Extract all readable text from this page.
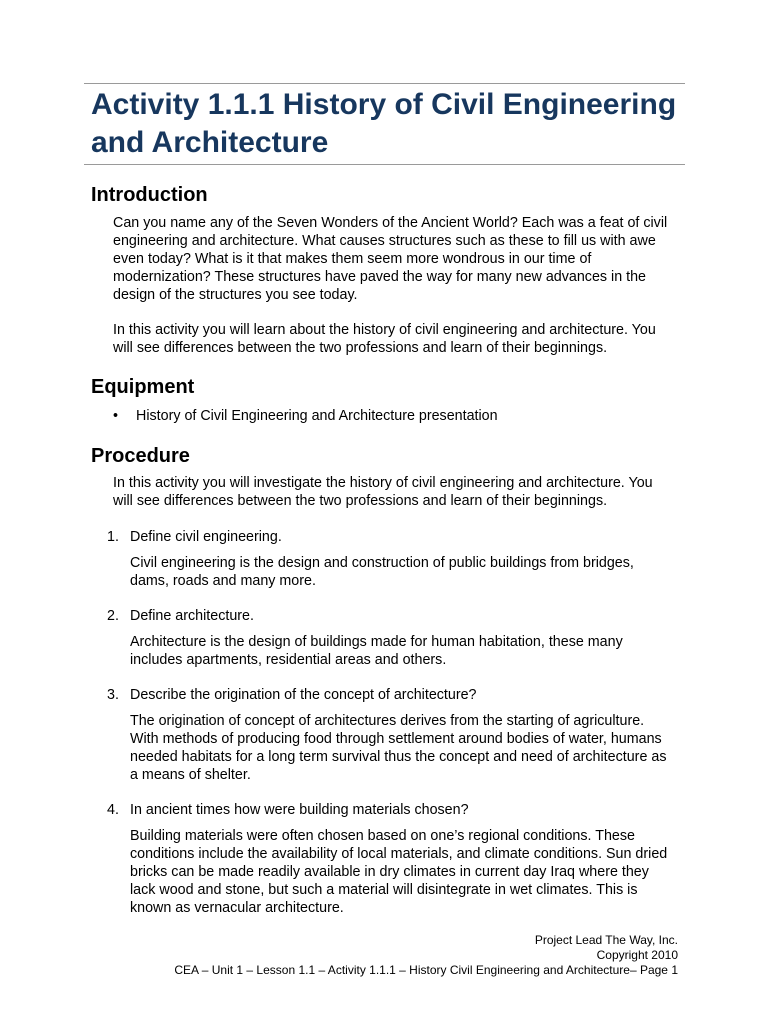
Activity 1.1.1 History of Civil Engineering and Architecture
Introduction

Can you name any of the Seven Wonders of the Ancient World? Each was a feat of civil engineering and architecture. What causes structures such as these to fill us with awe even today? What is it that makes them seem more wondrous in our time of modernization? These structures have paved the way for many new advances in the design of the structures you see today.

In this activity you will learn about the history of civil engineering and architecture. You will see differences between the two professions and learn of their beginnings.

Equipment
•	History of Civil Engineering and Architecture presentation
Procedure

In this activity you will investigate the history of civil engineering and architecture. You will see differences between the two professions and learn of their beginnings.

1. Define civil engineering.

Civil engineering is the design and construction of public buildings from bridges, dams, roads and many more.

2. Define architecture.

Architecture is the design of buildings made for human habitation, these many includes apartments, residential areas and others.

3. Describe the origination of the concept of architecture?

The origination of concept of architectures derives from the starting of agriculture. With methods of producing food through settlement around bodies of water, humans needed habitats for a long term survival thus the concept and need of architecture as a means of shelter.

4. In ancient times how were building materials chosen?

Building materials were often chosen based on one’s regional conditions. These conditions include the availability of local materials, and climate conditions. Sun dried bricks can be made readily available in dry climates in current day Iraq where they lack wood and stone, but such a material will disintegrate in wet climates. This is known as vernacular architecture.

Project Lead The Way, Inc.
Copyright 2010
CEA – Unit 1 – Lesson 1.1 – Activity 1.1.1 – History Civil Engineering and Architecture– Page 1
